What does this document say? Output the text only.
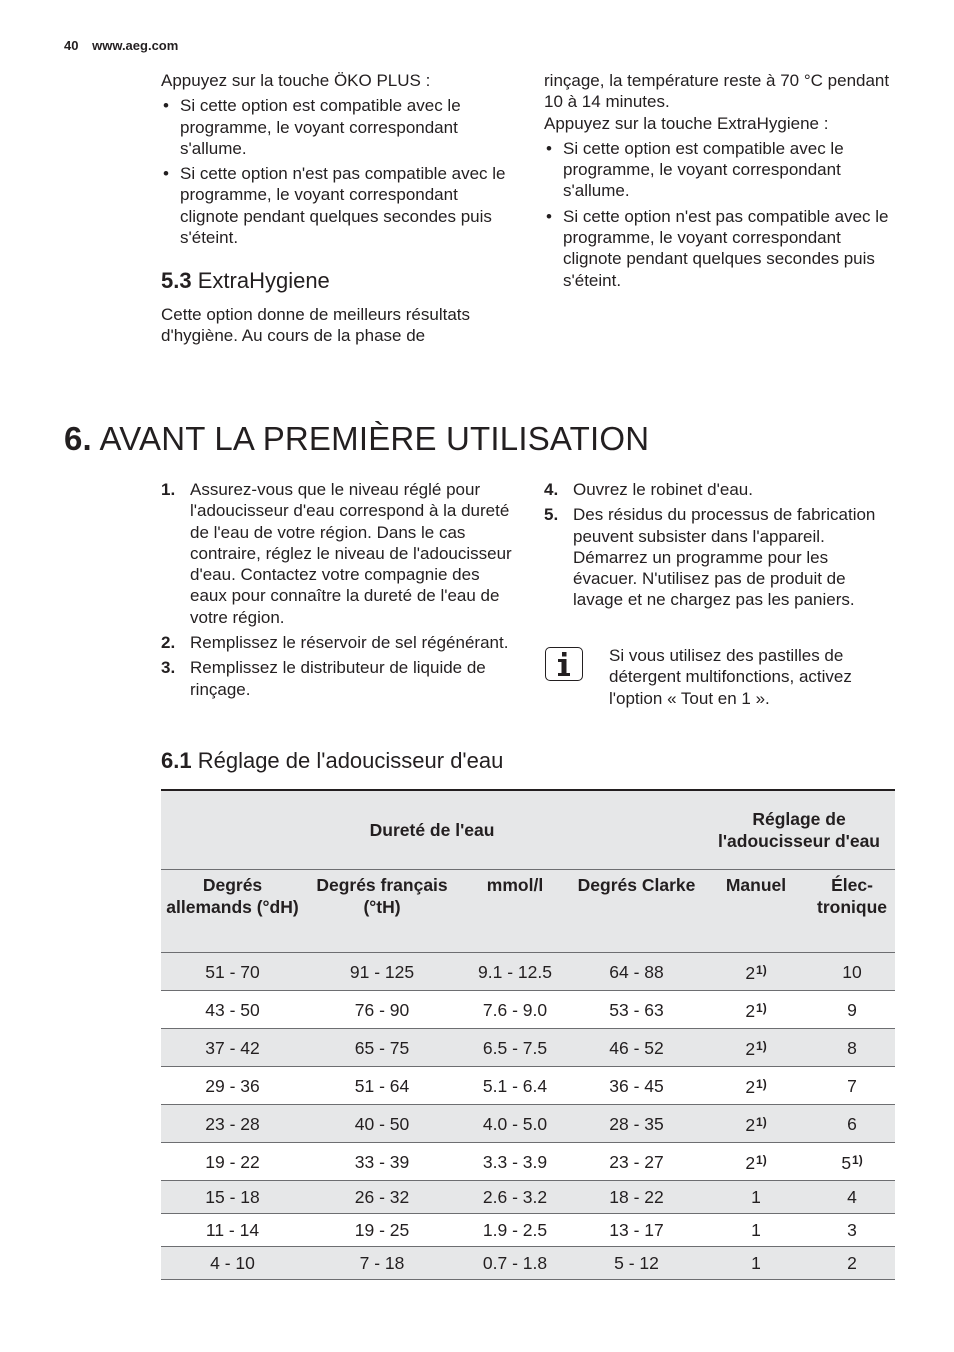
40 www.aeg.com

Appuyez sur la touche ÖKO PLUS :

• Si cette option est compatible avec le programme, le voyant correspondant s'allume.
• Si cette option n'est pas compatible avec le programme, le voyant correspondant clignote pendant quelques secondes puis s'éteint.
5.3 ExtraHygiene

Cette option donne de meilleurs résultats d'hygiène. Au cours de la phase de

rinçage, la température reste à 70 °C pendant 10 à 14 minutes.

Appuyez sur la touche ExtraHygiene :

• Si cette option est compatible avec le programme, le voyant correspondant s'allume.
• Si cette option n'est pas compatible avec le programme, le voyant correspondant clignote pendant quelques secondes puis s'éteint.
6. AVANT LA PREMIÈRE UTILISATION
1. Assurez-vous que le niveau réglé pour l'adoucisseur d'eau correspond à la dureté de l'eau de votre région. Dans le cas contraire, réglez le niveau de l'adoucisseur d'eau. Contactez votre compagnie des eaux pour connaître la dureté de l'eau de votre région.
2. Remplissez le réservoir de sel régénérant.
3. Remplissez le distributeur de liquide de rinçage.
4. Ouvrez le robinet d'eau.
5. Des résidus du processus de fabrication peuvent subsister dans l'appareil. Démarrez un programme pour les évacuer. N'utilisez pas de produit de lavage et ne chargez pas les paniers.
Si vous utilisez des pastilles de détergent multifonctions, activez l'option « Tout en 1 ».
6.1 Réglage de l'adoucisseur d'eau
Dureté de l'eau				Réglage de l'adoucisseur d'eau	
Degrés allemands (°dH)	Degrés français (°tH)	mmol/l	Degrés Clarke	Manuel	Électronique
51 - 70	91 - 125	9.1 - 12.5	64 - 88	2$^{1)}$	10
43 - 50	76 - 90	7.6 - 9.0	53 - 63	2$^{1)}$	9
37 - 42	65 - 75	6.5 - 7.5	46 - 52	2$^{1)}$	8
29 - 36	51 - 64	5.1 - 6.4	36 - 45	2$^{1)}$	7
23 - 28	40 - 50	4.0 - 5.0	28 - 35	2$^{1)}$	6
19 - 22	33 - 39	3.3 - 3.9	23 - 27	2$^{1)}$	5$^{1)}$
15 - 18	26 - 32	2.6 - 3.2	18 - 22	1	4
11 - 14	19 - 25	1.9 - 2.5	13 - 17	1	3
4 - 10	7 - 18	0.7 - 1.8	5 - 12	1	2
